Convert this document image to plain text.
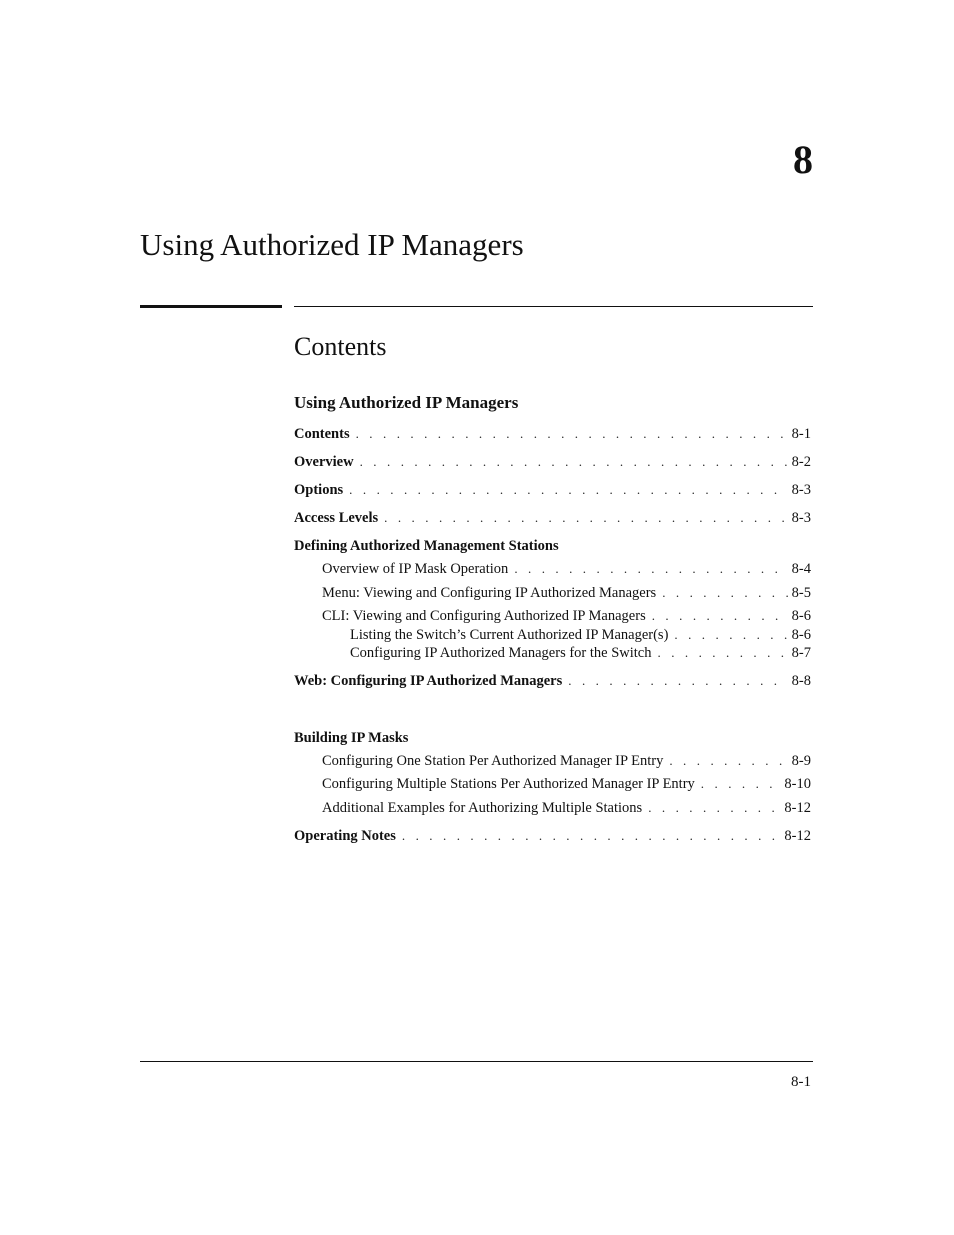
8
Using Authorized IP Managers
Contents
Using Authorized IP Managers
Contents . . .	8-1
Overview . . .	8-2
Options . . .	8-3
Access Levels . . .	8-3
Defining Authorized Management Stations
Overview of IP Mask Operation . . .	8-4
Menu: Viewing and Configuring IP Authorized Managers . . .	8-5
CLI: Viewing and Configuring Authorized IP Managers . . .	8-6
Listing the Switch’s Current Authorized IP Manager(s) . . .	8-6
Configuring IP Authorized Managers for the Switch . . .	8-7
Web: Configuring IP Authorized Managers . . .	8-8
Building IP Masks
Configuring One Station Per Authorized Manager IP Entry . . .	8-9
Configuring Multiple Stations Per Authorized Manager IP Entry . . .	8-10
Additional Examples for Authorizing Multiple Stations . . .	8-12
Operating Notes . . .	8-12
8-1
